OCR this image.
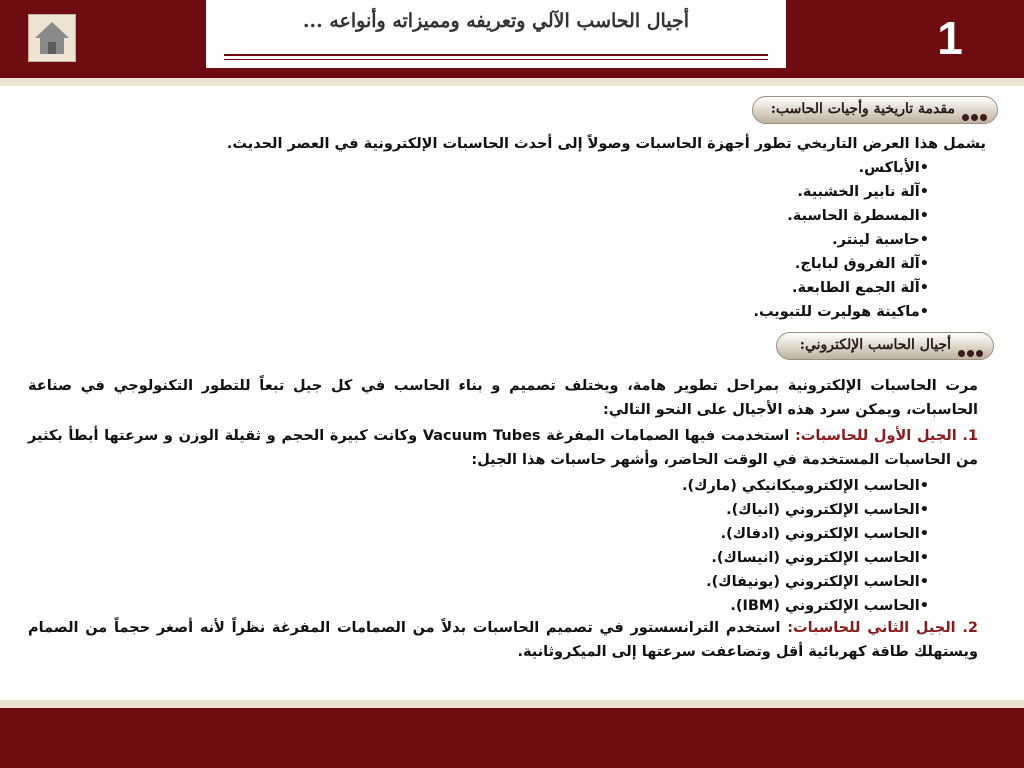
أجيال الحاسب الآلي وتعريفه ومميزاته وأنواعه ...	1
مقدمة تاريخية وأجيات الحاسب:
يشمل هذا العرض التاريخي تطور أجهزة الحاسبات وصولاً إلى أحدث الحاسبات الإلكترونية في العصر الحديث.
•الأباكس.
•آلة نابير الخشبية.
•المسطرة الحاسبة.
•حاسبة لينتر.
•آلة الفروق لباباج.
•آلة الجمع الطابعة.
•ماكينة هوليرت للتبويب.
أجيال الحاسب الإلكتروني:
مرت الحاسبات الإلكترونية بمراحل تطوير هامة، ويختلف تصميم و بناء الحاسب في كل جيل تبعاً للتطور التكنولوجي في صناعة الحاسبات، ويمكن سرد هذه الأجيال على النحو التالي:
1. الجيل الأول للحاسبات: استخدمت فيها الصمامات المفرغة Vacuum Tubes وكانت كبيرة الحجم و ثقيلة الوزن و سرعتها أبطأ بكثير من الحاسبات المستخدمة في الوقت الحاضر، وأشهر حاسبات هذا الجيل:
•الحاسب الإلكتروميكانيكي (مارك).
•الحاسب الإلكتروني (انياك).
•الحاسب الإلكتروني (ادفاك).
•الحاسب الإلكتروني (انيساك).
•الحاسب الإلكتروني (يونيفاك).
•الحاسب الإلكتروني (IBM).
2. الجيل الثاني للحاسبات: استخدم الترانسستور في تصميم الحاسبات بدلاً من الصمامات المفرغة نظراً لأنه أصغر حجماً من الصمام ويستهلك طاقة كهربائية أقل وتضاعفت سرعتها إلى الميكروثانية.
